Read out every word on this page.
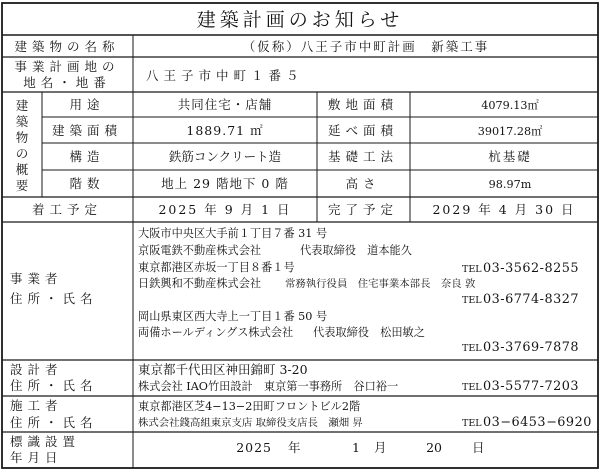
建築計画のお知らせ
建築物の名称	（仮称）八王子市中町計画　新築工事
事業計画地の
地名・地番	八王子市中町１番５
建
築
物
の
概
要
用途	共同住宅・店舗	敷地面積	4079.13㎡
建築面積	1889.71 ㎡	延べ面積	39017.28㎡
構造	鉄筋コンクリート造	基礎工法	杭基礎
階数	地上 29 階地下 0 階	高さ	98.97m
着工予定	2025 年 9 月 1 日	完了予定	2029 年 4 月 30 日
事業者
住所・氏名
大阪市中央区大手前１丁目７番 31 号
京阪電鉄不動産株式会社	代表取締役　道本能久
TEL 03-3562-8255
東京都港区赤坂一丁目８番１号
日鉄興和不動産株式会社 常務執行役員　住宅事業本部長　奈良 敦
TEL 03-6774-8327
岡山県東区西大寺上一丁目１番 50 号
両備ホールディングス株式会社 代表取締役　松田敏之
TEL 03-3769-7878
設計者
住所・氏名
東京都千代田区神田錦町 3-20
株式会社 IAO竹田設計　東京第一事務所　谷口裕一	TEL 03-5577-7203
施工者
住所・氏名
東京都港区芝4−13−2田町フロントビル2階
株式会社錢高組東京支店 取締役支店長　瀬畑 昇	TEL 03−6453−6920
標識設置
年月日
2025 年	1 月	20 日
